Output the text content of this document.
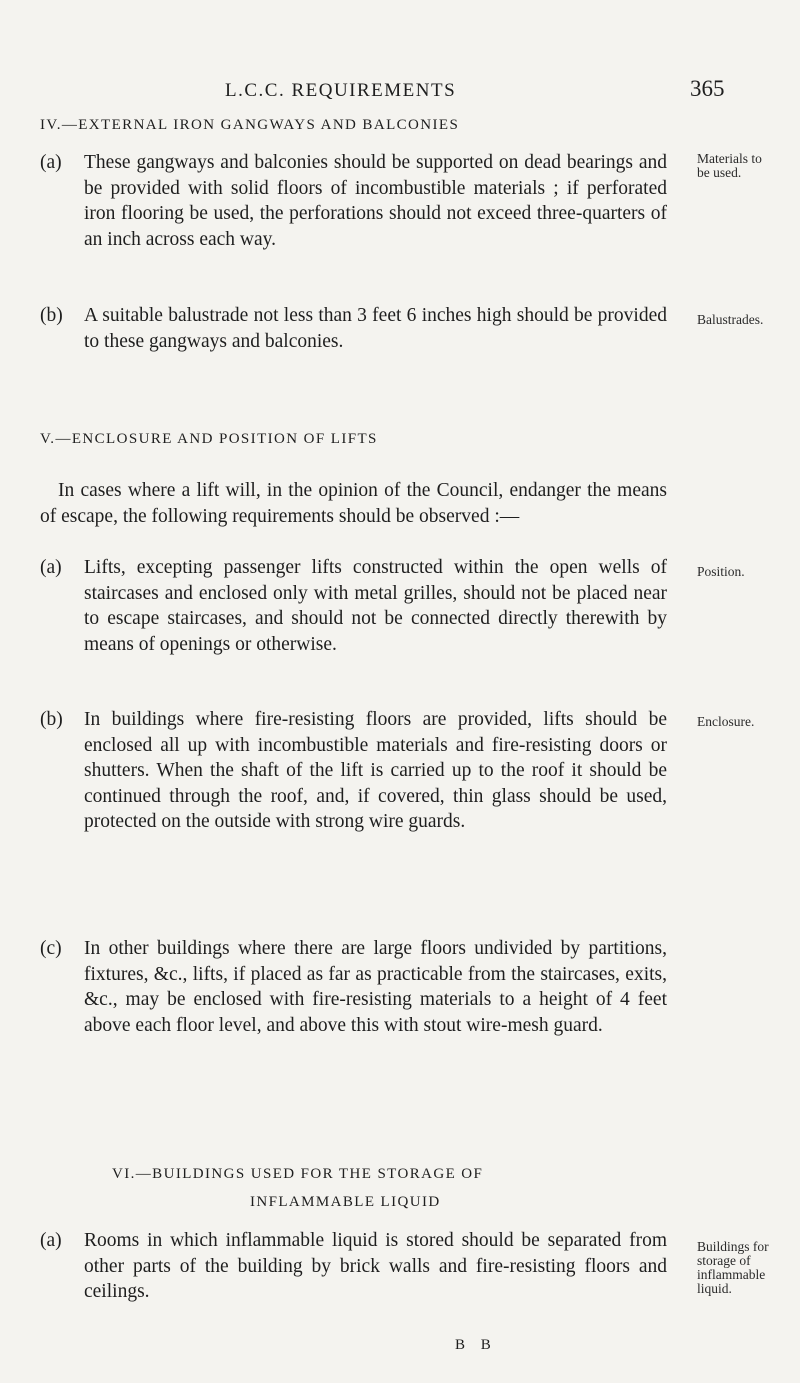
L.C.C. REQUIREMENTS	365
IV.—EXTERNAL IRON GANGWAYS AND BALCONIES
(a) These gangways and balconies should be supported on dead bearings and be provided with solid floors of incombustible materials ; if perforated iron flooring be used, the perforations should not exceed three-quarters of an inch across each way.
Materials to be used.
(b) A suitable balustrade not less than 3 feet 6 inches high should be provided to these gangways and balconies.
Balustrades.
V.—ENCLOSURE AND POSITION OF LIFTS
In cases where a lift will, in the opinion of the Council, endanger the means of escape, the following requirements should be observed :—
(a) Lifts, excepting passenger lifts constructed within the open wells of staircases and enclosed only with metal grilles, should not be placed near to escape staircases, and should not be connected directly therewith by means of openings or otherwise.
Position.
(b) In buildings where fire-resisting floors are provided, lifts should be enclosed all up with incombustible materials and fire-resisting doors or shutters. When the shaft of the lift is carried up to the roof it should be continued through the roof, and, if covered, thin glass should be used, protected on the outside with strong wire guards.
Enclosure.
(c) In other buildings where there are large floors undivided by partitions, fixtures, &c., lifts, if placed as far as practicable from the staircases, exits, &c., may be enclosed with fire-resisting materials to a height of 4 feet above each floor level, and above this with stout wire-mesh guard.
VI.—BUILDINGS USED FOR THE STORAGE OF
INFLAMMABLE LIQUID
(a) Rooms in which inflammable liquid is stored should be separated from other parts of the building by brick walls and fire-resisting floors and ceilings.
Buildings for storage of inflammable liquid.
B B
